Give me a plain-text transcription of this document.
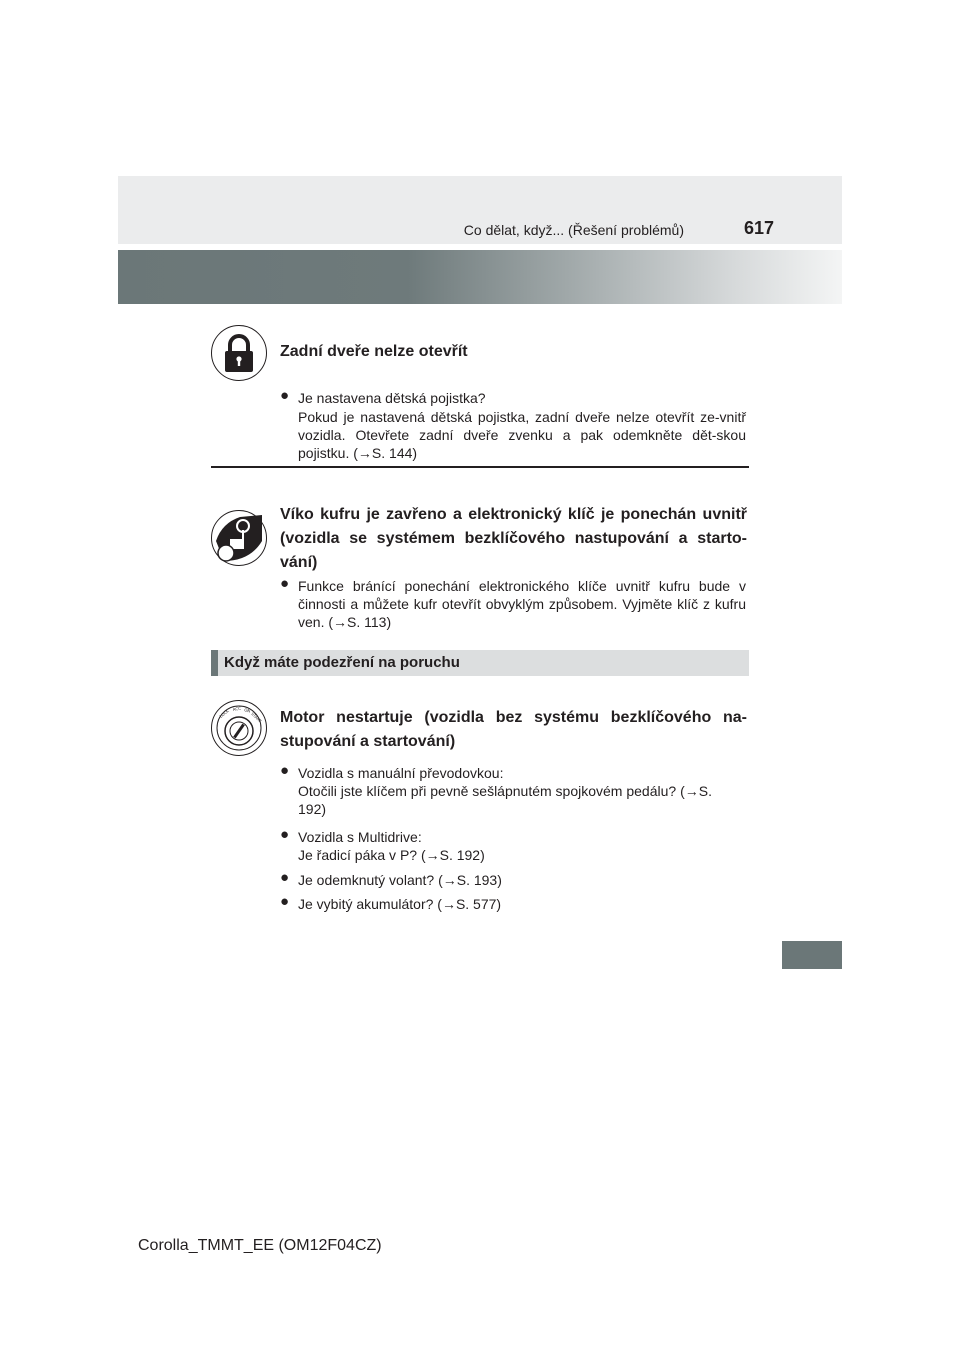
Co dělat, když... (Řešení problémů)	617
Zadní dveře nelze otevřít
● Je nastavena dětská pojistka?
Pokud je nastavená dětská pojistka, zadní dveře nelze otevřít ze-vnitř vozidla. Otevřete zadní dveře zvenku a pak odemkněte dět-skou pojistku. (→S. 144)
Víko kufru je zavřeno a elektronický klíč je ponechán uvnitř (vozidla se systémem bezklíčového nastupování a starto-vání)
● Funkce bránící ponechání elektronického klíče uvnitř kufru bude v činnosti a můžete kufr otevřít obvyklým způsobem. Vyjměte klíč z kufru ven. (→S. 113)
Když máte podezření na poruchu
LOCK ACC ON
START Motor nestartuje (vozidla bez systému bezklíčového na-stupování a startování)
● Vozidla s manuální převodovkou:
Otočili jste klíčem při pevně sešlápnutém spojkovém pedálu? (→S. 192)
● Vozidla s Multidrive:
Je řadicí páka v P? (→S. 192)
● Je odemknutý volant? (→S. 193)
● Je vybitý akumulátor? (→S. 577)
Corolla_TMMT_EE (OM12F04CZ)
